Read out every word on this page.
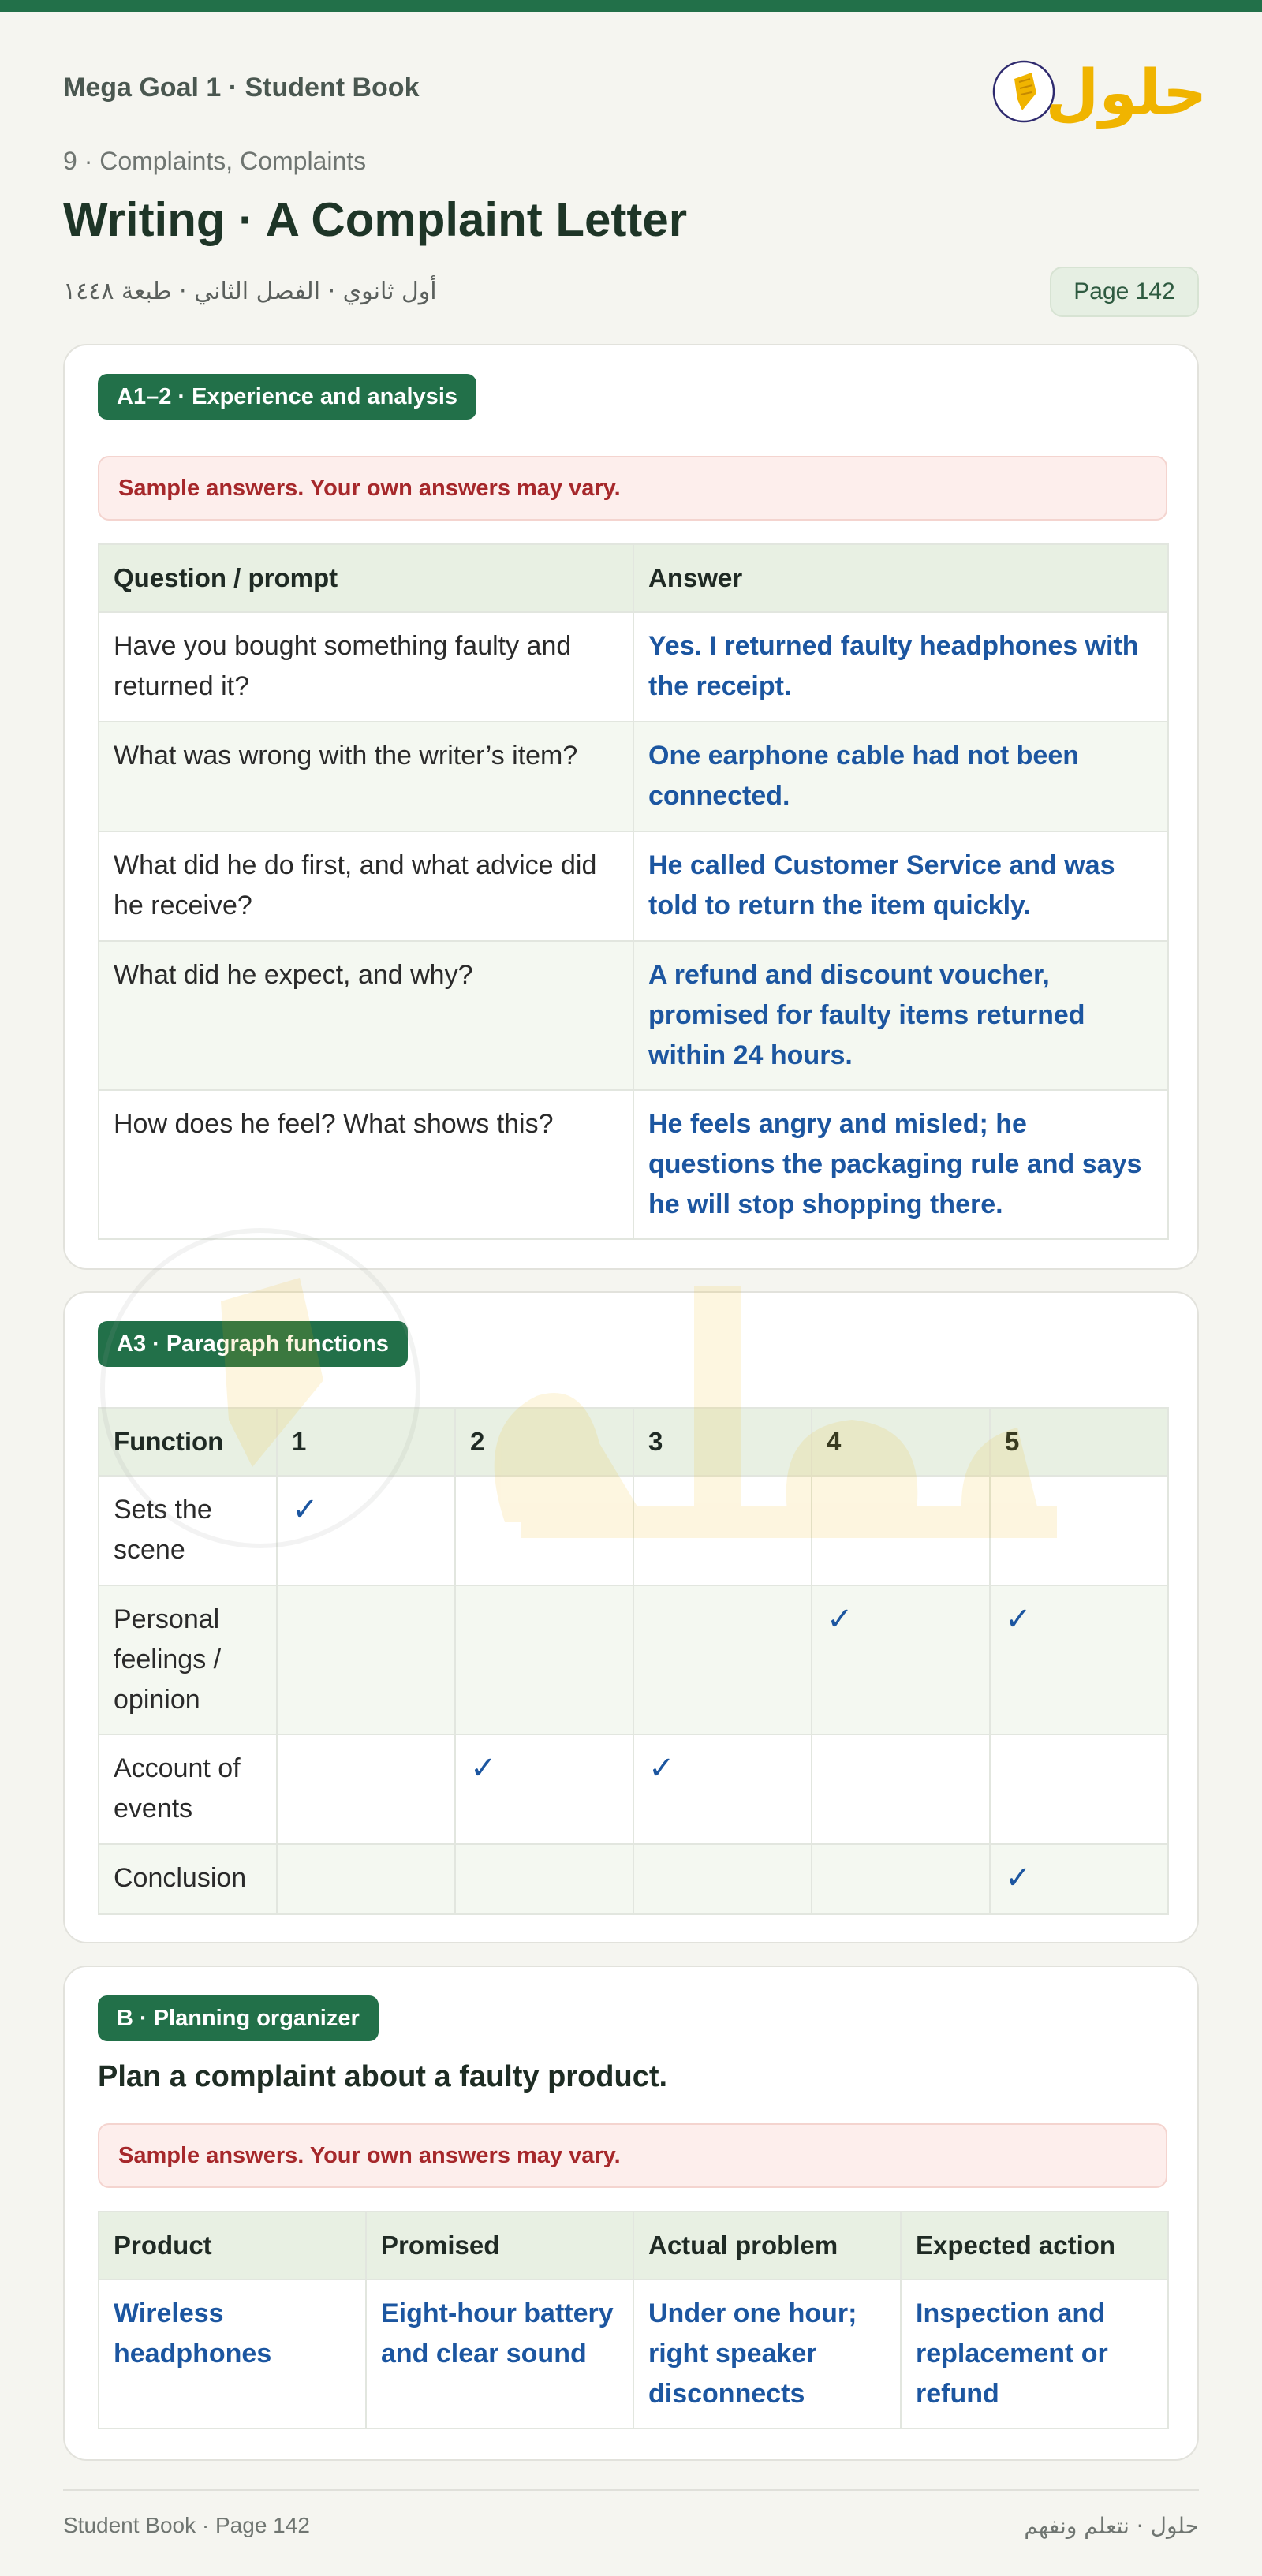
Mega Goal 1 · Student Book	حلول
9 · Complaints, Complaints
Writing · A Complaint Letter
أول ثانوي · الفصل الثاني · طبعة ١٤٤٨	Page 142
A1–2 · Experience and analysis
Sample answers. Your own answers may vary.
Question / prompt	Answer
Have you bought something faulty and returned it?	Yes. I returned faulty headphones with the receipt.
What was wrong with the writer’s item?	One earphone cable had not been connected.
What did he do first, and what advice did he receive?	He called Customer Service and was told to return the item quickly.
What did he expect, and why?	A refund and discount voucher, promised for faulty items returned within 24 hours.
How does he feel? What shows this?	He feels angry and misled; he questions the packaging rule and says he will stop shopping there.
A3 · Paragraph functions
Function	1	2	3	4	5
Sets the scene	✓				
Personal feelings / opinion				✓	✓
Account of events		✓	✓		
Conclusion					✓
B · Planning organizer
Plan a complaint about a faulty product.
Sample answers. Your own answers may vary.
Product	Promised	Actual problem	Expected action
Wireless headphones	Eight-hour battery and clear sound	Under one hour; right speaker disconnects	Inspection and replacement or refund
Student Book · Page 142	حلول · نتعلم ونفهم
